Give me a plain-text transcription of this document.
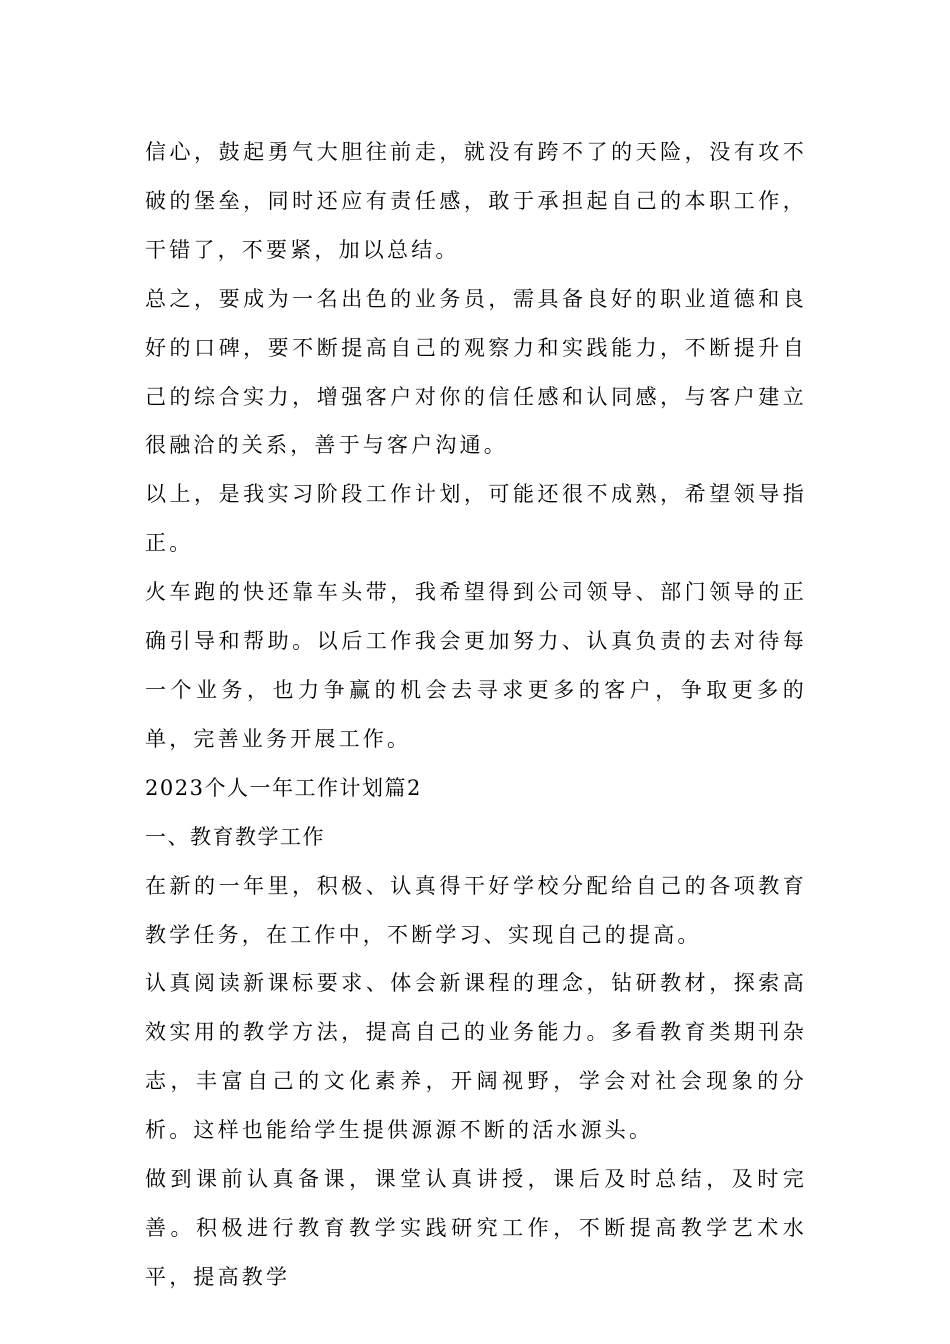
信心，鼓起勇气大胆往前走，就没有跨不了的天险，没有攻不破的堡垒，同时还应有责任感，敢于承担起自己的本职工作，干错了，不要紧，加以总结。

总之，要成为一名出色的业务员，需具备良好的职业道德和良好的口碑，要不断提高自己的观察力和实践能力，不断提升自己的综合实力，增强客户对你的信任感和认同感，与客户建立很融洽的关系，善于与客户沟通。

以上，是我实习阶段工作计划，可能还很不成熟，希望领导指正。

火车跑的快还靠车头带，我希望得到公司领导、部门领导的正确引导和帮助。以后工作我会更加努力、认真负责的去对待每一个业务，也力争赢的机会去寻求更多的客户，争取更多的单，完善业务开展工作。

2023个人一年工作计划篇2

一、教育教学工作

在新的一年里，积极、认真得干好学校分配给自己的各项教育教学任务，在工作中，不断学习、实现自己的提高。

认真阅读新课标要求、体会新课程的理念，钻研教材，探索高效实用的教学方法，提高自己的业务能力。多看教育类期刊杂志，丰富自己的文化素养，开阔视野，学会对社会现象的分析。这样也能给学生提供源源不断的活水源头。

做到课前认真备课，课堂认真讲授，课后及时总结，及时完善。积极进行教育教学实践研究工作，不断提高教学艺术水平，提高教学
